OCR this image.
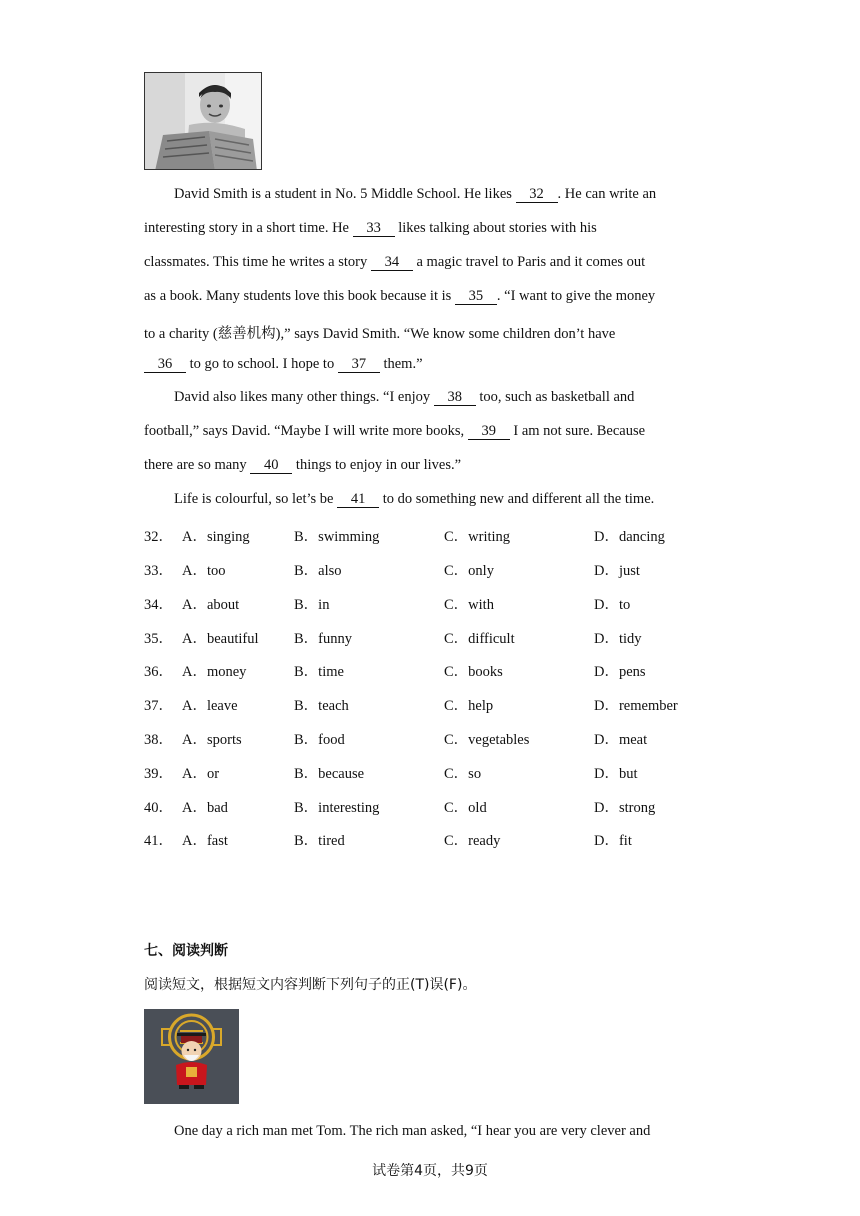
David Smith is a student in No. 5 Middle School. He likes 32 . He can write an
interesting story in a short time. He 33 likes talking about stories with his
classmates. This time he writes a story 34 a magic travel to Paris and it comes out
as a book. Many students love this book because it is 35 . “I want to give the money
to a charity (慈善机构),” says David Smith. “We know some children don’t have
36 to go to school. I hope to 37 them.”
David also likes many other things. “I enjoy 38 too, such as basketball and
football,” says David. “Maybe I will write more books, 39 I am not sure. Because
there are so many 40 things to enjoy in our lives.”
Life is colourful, so let’s be 41 to do something new and different all the time.
32． A．singing	B．swimming	C．writing	D．dancing
33． A．too	B．also	C．only	D．just
34． A．about	B．in	C．with	D．to
35． A．beautiful B．funny	C．difficult	D．tidy
36． A．money	B．time	C．books	D．pens
37． A．leave	B．teach	C．help	D．remember
38． A．sports	B．food	C．vegetables	D．meat
39． A．or	B．because	C．so	D．but
40． A．bad	B．interesting	C．old	D．strong
41． A．fast	B．tired	C．ready	D．fit
七、阅读判断
阅读短文，根据短文内容判断下列句子的正(T)误(F)。
One day a rich man met Tom. The rich man asked, “I hear you are very clever and
试卷第4页，共9页
